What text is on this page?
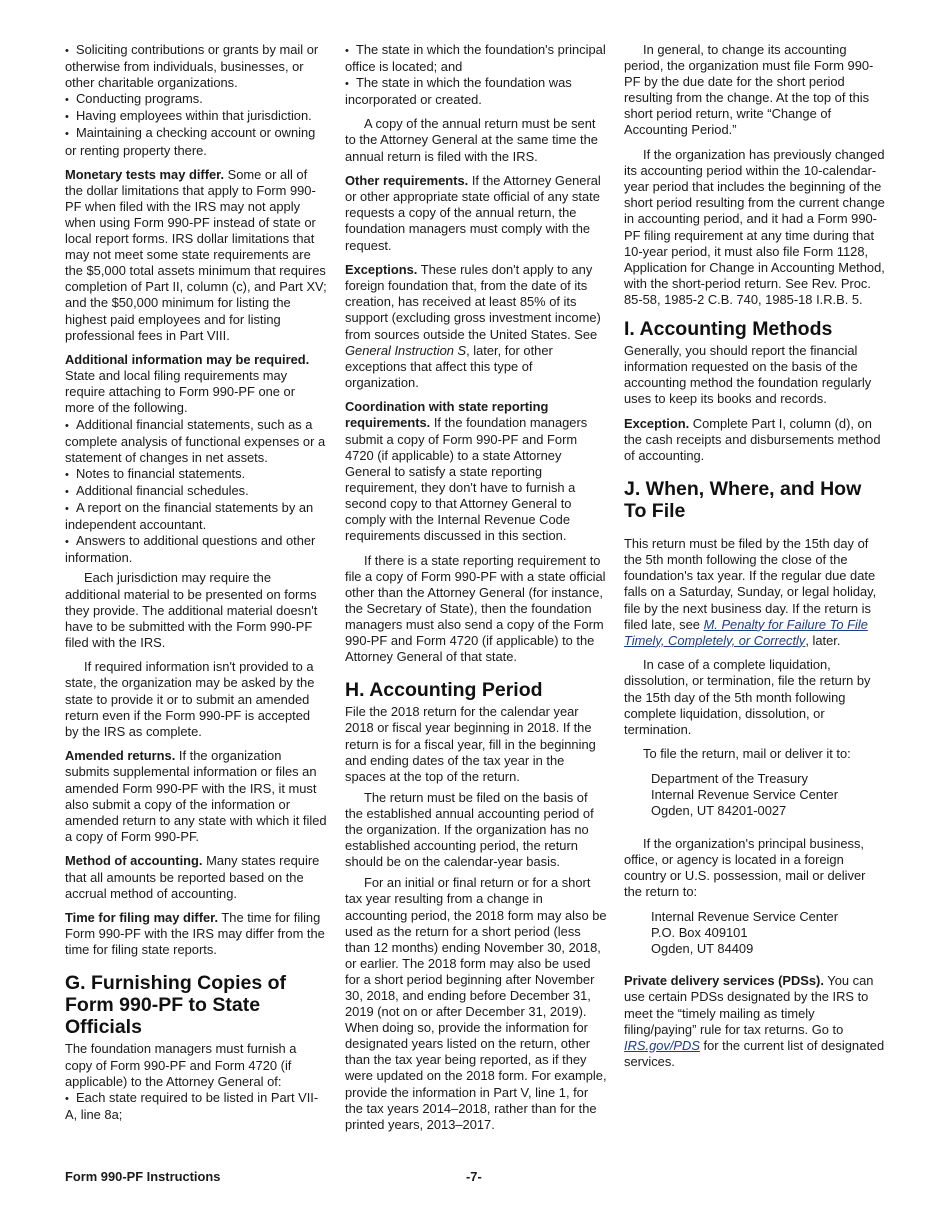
• Soliciting contributions or grants by mail or otherwise from individuals, businesses, or other charitable organizations.

• Conducting programs.

• Having employees within that jurisdiction.

• Maintaining a checking account or owning or renting property there.

Monetary tests may differ. Some or all of the dollar limitations that apply to Form 990-PF when filed with the IRS may not apply when using Form 990-PF instead of state or local report forms. IRS dollar limitations that may not meet some state requirements are the $5,000 total assets minimum that requires completion of Part II, column (c), and Part XV; and the $50,000 minimum for listing the highest paid employees and for listing professional fees in Part VIII.

Additional information may be required. State and local filing requirements may require attaching to Form 990-PF one or more of the following.

• Additional financial statements, such as a complete analysis of functional expenses or a statement of changes in net assets.

• Notes to financial statements.

• Additional financial schedules.

• A report on the financial statements by an independent accountant.

• Answers to additional questions and other information.

Each jurisdiction may require the additional material to be presented on forms they provide. The additional material doesn't have to be submitted with the Form 990-PF filed with the IRS.

If required information isn't provided to a state, the organization may be asked by the state to provide it or to submit an amended return even if the Form 990-PF is accepted by the IRS as complete.

Amended returns. If the organization submits supplemental information or files an amended Form 990-PF with the IRS, it must also submit a copy of the information or amended return to any state with which it filed a copy of Form 990-PF.

Method of accounting. Many states require that all amounts be reported based on the accrual method of accounting.

Time for filing may differ. The time for filing Form 990-PF with the IRS may differ from the time for filing state reports.

G. Furnishing Copies of Form 990-PF to State Officials

The foundation managers must furnish a copy of Form 990-PF and Form 4720 (if applicable) to the Attorney General of:

• Each state required to be listed in Part VII-A, line 8a;

• The state in which the foundation's principal office is located; and

• The state in which the foundation was incorporated or created.

A copy of the annual return must be sent to the Attorney General at the same time the annual return is filed with the IRS.

Other requirements. If the Attorney General or other appropriate state official of any state requests a copy of the annual return, the foundation managers must comply with the request.

Exceptions. These rules don't apply to any foreign foundation that, from the date of its creation, has received at least 85% of its support (excluding gross investment income) from sources outside the United States. See General Instruction S, later, for other exceptions that affect this type of organization.

Coordination with state reporting requirements. If the foundation managers submit a copy of Form 990-PF and Form 4720 (if applicable) to a state Attorney General to satisfy a state reporting requirement, they don't have to furnish a second copy to that Attorney General to comply with the Internal Revenue Code requirements discussed in this section.

If there is a state reporting requirement to file a copy of Form 990-PF with a state official other than the Attorney General (for instance, the Secretary of State), then the foundation managers must also send a copy of the Form 990-PF and Form 4720 (if applicable) to the Attorney General of that state.

H. Accounting Period

File the 2018 return for the calendar year 2018 or fiscal year beginning in 2018. If the return is for a fiscal year, fill in the beginning and ending dates of the tax year in the spaces at the top of the return.

The return must be filed on the basis of the established annual accounting period of the organization. If the organization has no established accounting period, the return should be on the calendar-year basis.

For an initial or final return or for a short tax year resulting from a change in accounting period, the 2018 form may also be used as the return for a short period (less than 12 months) ending November 30, 2018, or earlier. The 2018 form may also be used for a short period beginning after November 30, 2018, and ending before December 31, 2019 (not on or after December 31, 2019). When doing so, provide the information for designated years listed on the return, other than the tax year being reported, as if they were updated on the 2018 form. For example, provide the information in Part V, line 1, for the tax years 2014–2018, rather than for the printed years, 2013–2017.

In general, to change its accounting period, the organization must file Form 990-PF by the due date for the short period resulting from the change. At the top of this short period return, write “Change of Accounting Period.”

If the organization has previously changed its accounting period within the 10-calendar-year period that includes the beginning of the short period resulting from the current change in accounting period, and it had a Form 990-PF filing requirement at any time during that 10-year period, it must also file Form 1128, Application for Change in Accounting Method, with the short-period return. See Rev. Proc. 85-58, 1985-2 C.B. 740, 1985-18 I.R.B. 5.

I. Accounting Methods

Generally, you should report the financial information requested on the basis of the accounting method the foundation regularly uses to keep its books and records.

Exception. Complete Part I, column (d), on the cash receipts and disbursements method of accounting.

J. When, Where, and How To File

This return must be filed by the 15th day of the 5th month following the close of the foundation's tax year. If the regular due date falls on a Saturday, Sunday, or legal holiday, file by the next business day. If the return is filed late, see M. Penalty for Failure To File Timely, Completely, or Correctly, later.

In case of a complete liquidation, dissolution, or termination, file the return by the 15th day of the 5th month following complete liquidation, dissolution, or termination.

To file the return, mail or deliver it to:

Department of the Treasury
Internal Revenue Service Center
Ogden, UT 84201-0027

If the organization's principal business, office, or agency is located in a foreign country or U.S. possession, mail or deliver the return to:

Internal Revenue Service Center
P.O. Box 409101
Ogden, UT 84409

Private delivery services (PDSs). You can use certain PDSs designated by the IRS to meet the “timely mailing as timely filing/paying” rule for tax returns. Go to IRS.gov/PDS for the current list of designated services.

Form 990-PF Instructions	-7-
